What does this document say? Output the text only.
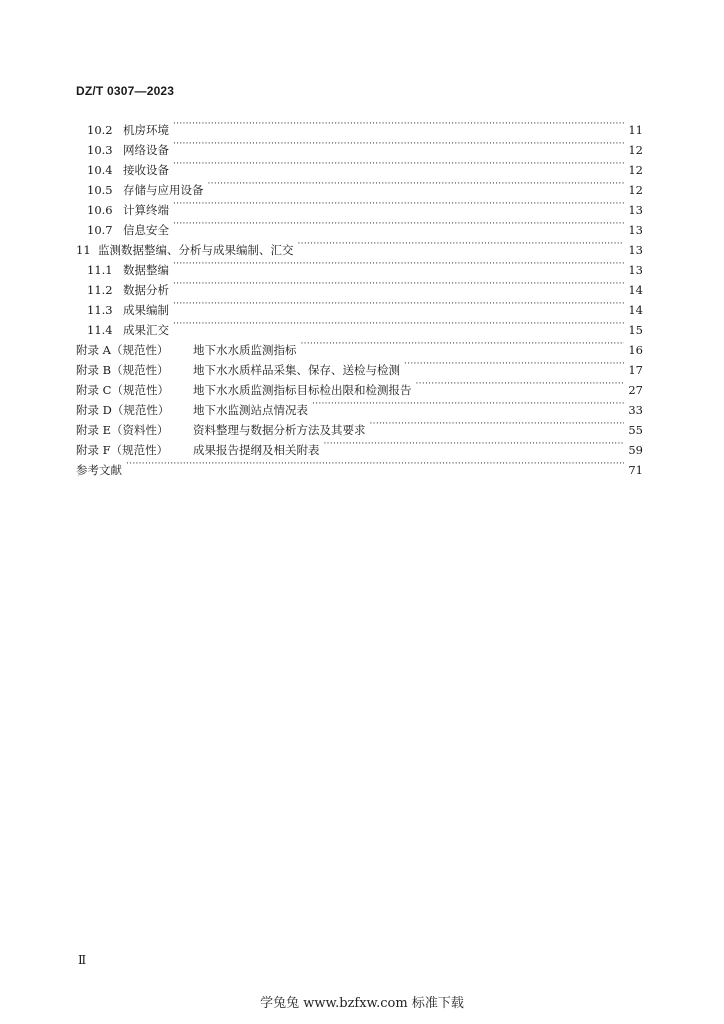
DZ/T 0307—2023
10.2 机房环境 ·····	11
10.3 网络设备 ·····	12
10.4 接收设备 ·····	12
10.5 存储与应用设备 ·····	12
10.6 计算终端 ·····	13
10.7 信息安全 ·····	13
11 监测数据整编、分析与成果编制、汇交 ·····	13
11.1 数据整编 ·····	13
11.2 数据分析 ·····	14
11.3 成果编制 ·····	14
11.4 成果汇交 ·····	15
附录 A（规范性）	地下水水质监测指标 ·····	16
附录 B（规范性）	地下水水质样品采集、保存、送检与检测 ·····	17
附录 C（规范性）	地下水水质监测指标目标检出限和检测报告 ·····	27
附录 D（规范性）	地下水监测站点情况表 ·····	33
附录 E（资料性）	资料整理与数据分析方法及其要求 ·····	55
附录 F（规范性）	成果报告提纲及相关附表 ·····	59
参考文献 ·····	71
Ⅱ
学兔兔 www.bzfxw.com 标准下载
